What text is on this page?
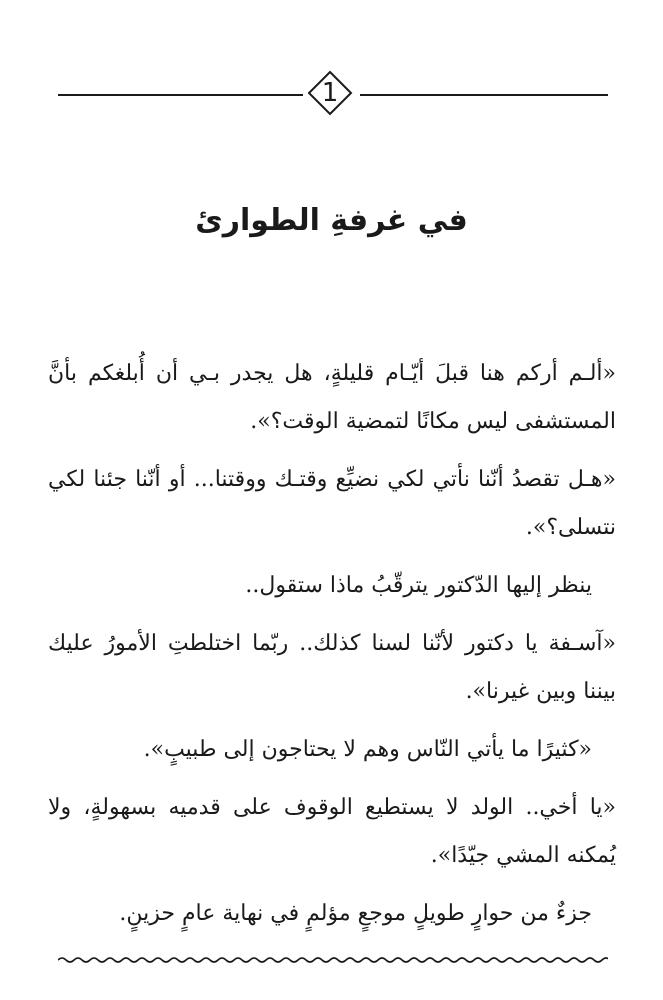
1
في غرفةِ الطوارئ

«ألـم أركم هنا قبلَ أيّـام قليلةٍ، هل يجدر بـي أن أُبلغكم بأنَّ المستشفى ليس مكانًا لتمضية الوقت؟».

«هـل تقصدُ أنّنا نأتي لكي نضيِّع وقتـك ووقتنا... أو أنّنا جئنا لكي نتسلى؟».

ينظر إليها الدّكتور يترقّبُ ماذا ستقول..

«آسـفة يا دكتور لأنّنا لسنا كذلك.. ربّما اختلطتِ الأمورُ عليك بيننا وبين غيرنا».

«كثيرًا ما يأتي النّاس وهم لا يحتاجون إلى طبيبٍ».

«يا أخي.. الولد لا يستطيع الوقوف على قدميه بسهولةٍ، ولا يُمكنه المشي جيّدًا».

جزءٌ من حوارٍ طويلٍ موجعٍ مؤلمٍ في نهاية عامٍ حزينٍ.
